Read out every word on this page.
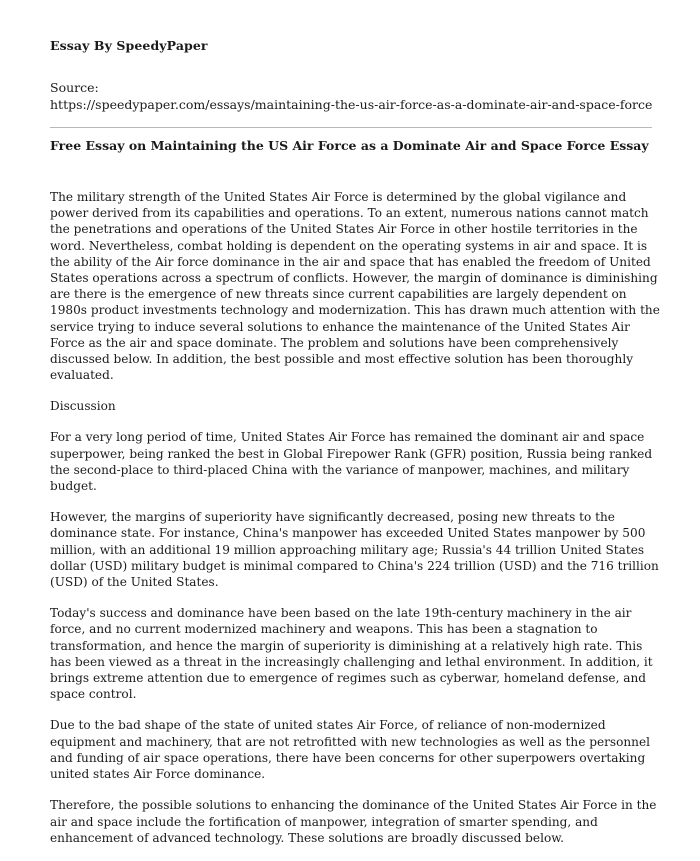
Essay By SpeedyPaper

Source:
https://speedypaper.com/essays/maintaining-the-us-air-force-as-a-dominate-air-and-space-force

Free Essay on Maintaining the US Air Force as a Dominate Air and Space Force Essay

The military strength of the United States Air Force is determined by the global vigilance and power derived from its capabilities and operations. To an extent, numerous nations cannot match the penetrations and operations of the United States Air Force in other hostile territories in the word. Nevertheless, combat holding is dependent on the operating systems in air and space. It is the ability of the Air force dominance in the air and space that has enabled the freedom of United States operations across a spectrum of conflicts. However, the margin of dominance is diminishing are there is the emergence of new threats since current capabilities are largely dependent on 1980s product investments technology and modernization. This has drawn much attention with the service trying to induce several solutions to enhance the maintenance of the United States Air Force as the air and space dominate. The problem and solutions have been comprehensively discussed below. In addition, the best possible and most effective solution has been thoroughly evaluated.

Discussion

For a very long period of time, United States Air Force has remained the dominant air and space superpower, being ranked the best in Global Firepower Rank (GFR) position, Russia being ranked the second-place to third-placed China with the variance of manpower, machines, and military budget.

However, the margins of superiority have significantly decreased, posing new threats to the dominance state. For instance, China's manpower has exceeded United States manpower by 500 million, with an additional 19 million approaching military age; Russia's 44 trillion United States dollar (USD) military budget is minimal compared to China's 224 trillion (USD) and the 716 trillion (USD) of the United States.

Today's success and dominance have been based on the late 19th-century machinery in the air force, and no current modernized machinery and weapons. This has been a stagnation to transformation, and hence the margin of superiority is diminishing at a relatively high rate. This has been viewed as a threat in the increasingly challenging and lethal environment. In addition, it brings extreme attention due to emergence of regimes such as cyberwar, homeland defense, and space control.

Due to the bad shape of the state of united states Air Force, of reliance of non-modernized equipment and machinery, that are not retrofitted with new technologies as well as the personnel and funding of air space operations, there have been concerns for other superpowers overtaking united states Air Force dominance.

Therefore, the possible solutions to enhancing the dominance of the United States Air Force in the air and space include the fortification of manpower, integration of smarter spending, and enhancement of advanced technology. These solutions are broadly discussed below.
